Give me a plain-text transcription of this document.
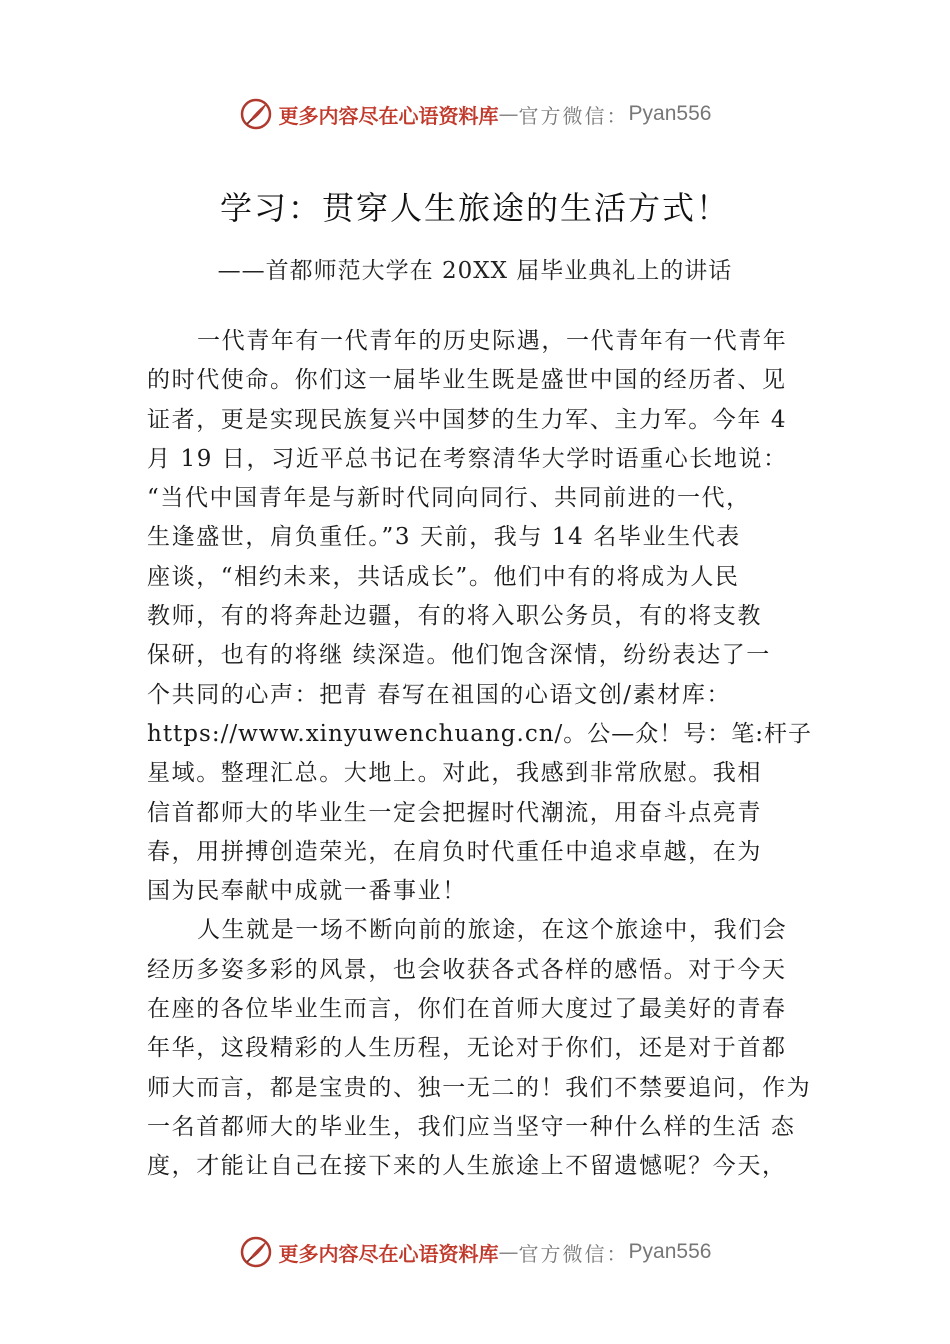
更多内容尽在心语资料库 — 官方微信： Pyan556
学习：贯穿人生旅途的生活方式！
——首都师范大学在 20XX 届毕业典礼上的讲话
一代青年有一代青年的历史际遇，一代青年有一代青年
的时代使命。你们这一届毕业生既是盛世中国的经历者、见
证者，更是实现民族复兴中国梦的生力军、主力军。今年 4
月 19 日，习近平总书记在考察清华大学时语重心长地说：
“当代中国青年是与新时代同向同行、共同前进的一代，
生逢盛世，肩负重任。”3 天前，我与 14 名毕业生代表
座谈，“相约未来，共话成长”。他们中有的将成为人民
教师，有的将奔赴边疆，有的将入职公务员，有的将支教
保研，也有的将继 续深造。他们饱含深情，纷纷表达了一
个共同的心声：把青 春写在祖国的心语文创/素材库：
https://www.xinyuwenchuang.cn/。公—众！号：笔:杆子
星域。整理汇总。大地上。对此，我感到非常欣慰。我相
信首都师大的毕业生一定会把握时代潮流，用奋斗点亮青
春，用拼搏创造荣光，在肩负时代重任中追求卓越，在为
国为民奉献中成就一番事业！
人生就是一场不断向前的旅途，在这个旅途中，我们会
经历多姿多彩的风景，也会收获各式各样的感悟。对于今天
在座的各位毕业生而言，你们在首师大度过了最美好的青春
年华，这段精彩的人生历程，无论对于你们，还是对于首都
师大而言，都是宝贵的、独一无二的！我们不禁要追问，作为
一名首都师大的毕业生，我们应当坚守一种什么样的生活 态
度，才能让自己在接下来的人生旅途上不留遗憾呢？今天，
更多内容尽在心语资料库 — 官方微信： Pyan556
